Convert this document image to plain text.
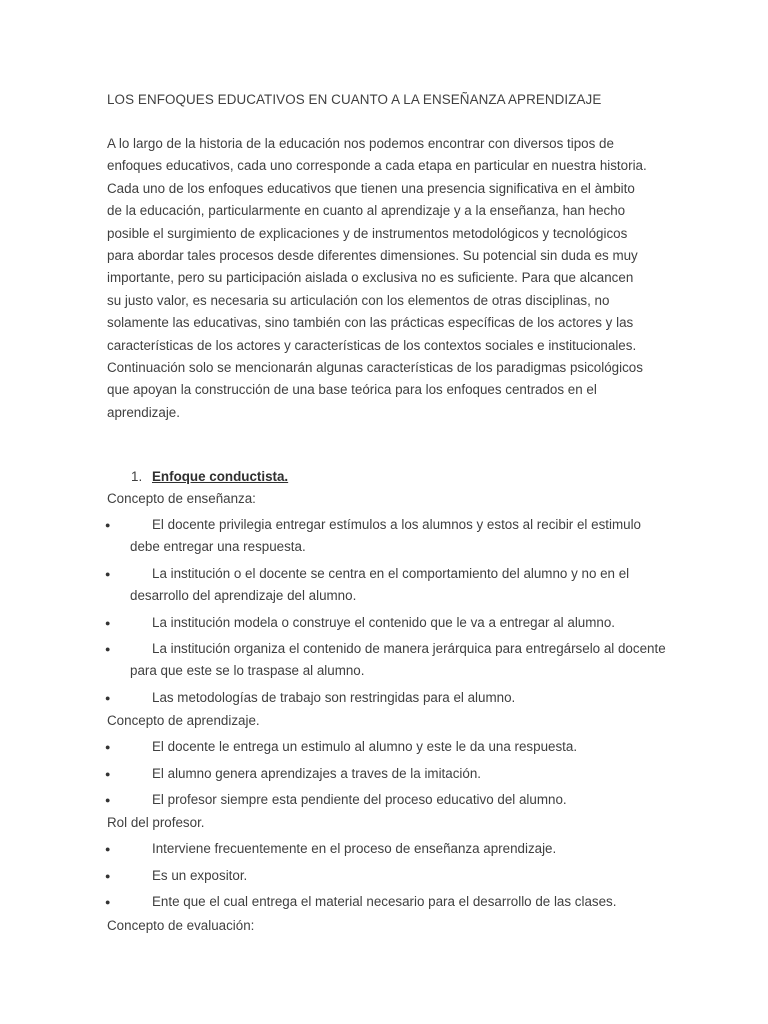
LOS ENFOQUES EDUCATIVOS EN CUANTO A LA ENSEÑANZA APRENDIZAJE

A lo largo de la historia de la educación nos podemos encontrar con diversos tipos de enfoques educativos, cada uno corresponde a cada etapa en particular en nuestra historia.

Cada uno de los enfoques educativos que tienen una presencia significativa en el àmbito de la educación, particularmente en cuanto al aprendizaje y a la enseñanza, han hecho posible el surgimiento de explicaciones y de instrumentos metodológicos y tecnológicos para abordar tales procesos desde diferentes dimensiones. Su potencial sin duda es muy importante, pero su participación aislada o exclusiva no es suficiente. Para que alcancen su justo valor, es necesaria su articulación con los elementos de otras disciplinas, no solamente las educativas, sino también con las prácticas específicas de los actores y las características de los actores y características de los contextos sociales e institucionales. Continuación solo se mencionarán algunas características de los paradigmas psicológicos que apoyan la construcción de una base teórica para los enfoques centrados en el aprendizaje.

1. Enfoque conductista.
Concepto de enseñanza:
●	El docente privilegia entregar estímulos a los alumnos y estos al recibir el estimulo debe entregar una respuesta.
●	La institución o el docente se centra en el comportamiento del alumno y no en el desarrollo del aprendizaje del alumno.
●	La institución modela o construye el contenido que le va a entregar al alumno.
●	La institución organiza el contenido de manera jerárquica para entregárselo al docente para que este se lo traspase al alumno.
●	Las metodologías de trabajo son restringidas para el alumno.
Concepto de aprendizaje.
●	El docente le entrega un estimulo al alumno y este le da una respuesta.
●	El alumno genera aprendizajes a traves de la imitación.
●	El profesor siempre esta pendiente del proceso educativo del alumno.
Rol del profesor.
●	Interviene frecuentemente en el proceso de enseñanza aprendizaje.
●	Es un expositor.
●	Ente que el cual entrega el material necesario para el desarrollo de las clases.
Concepto de evaluación:
